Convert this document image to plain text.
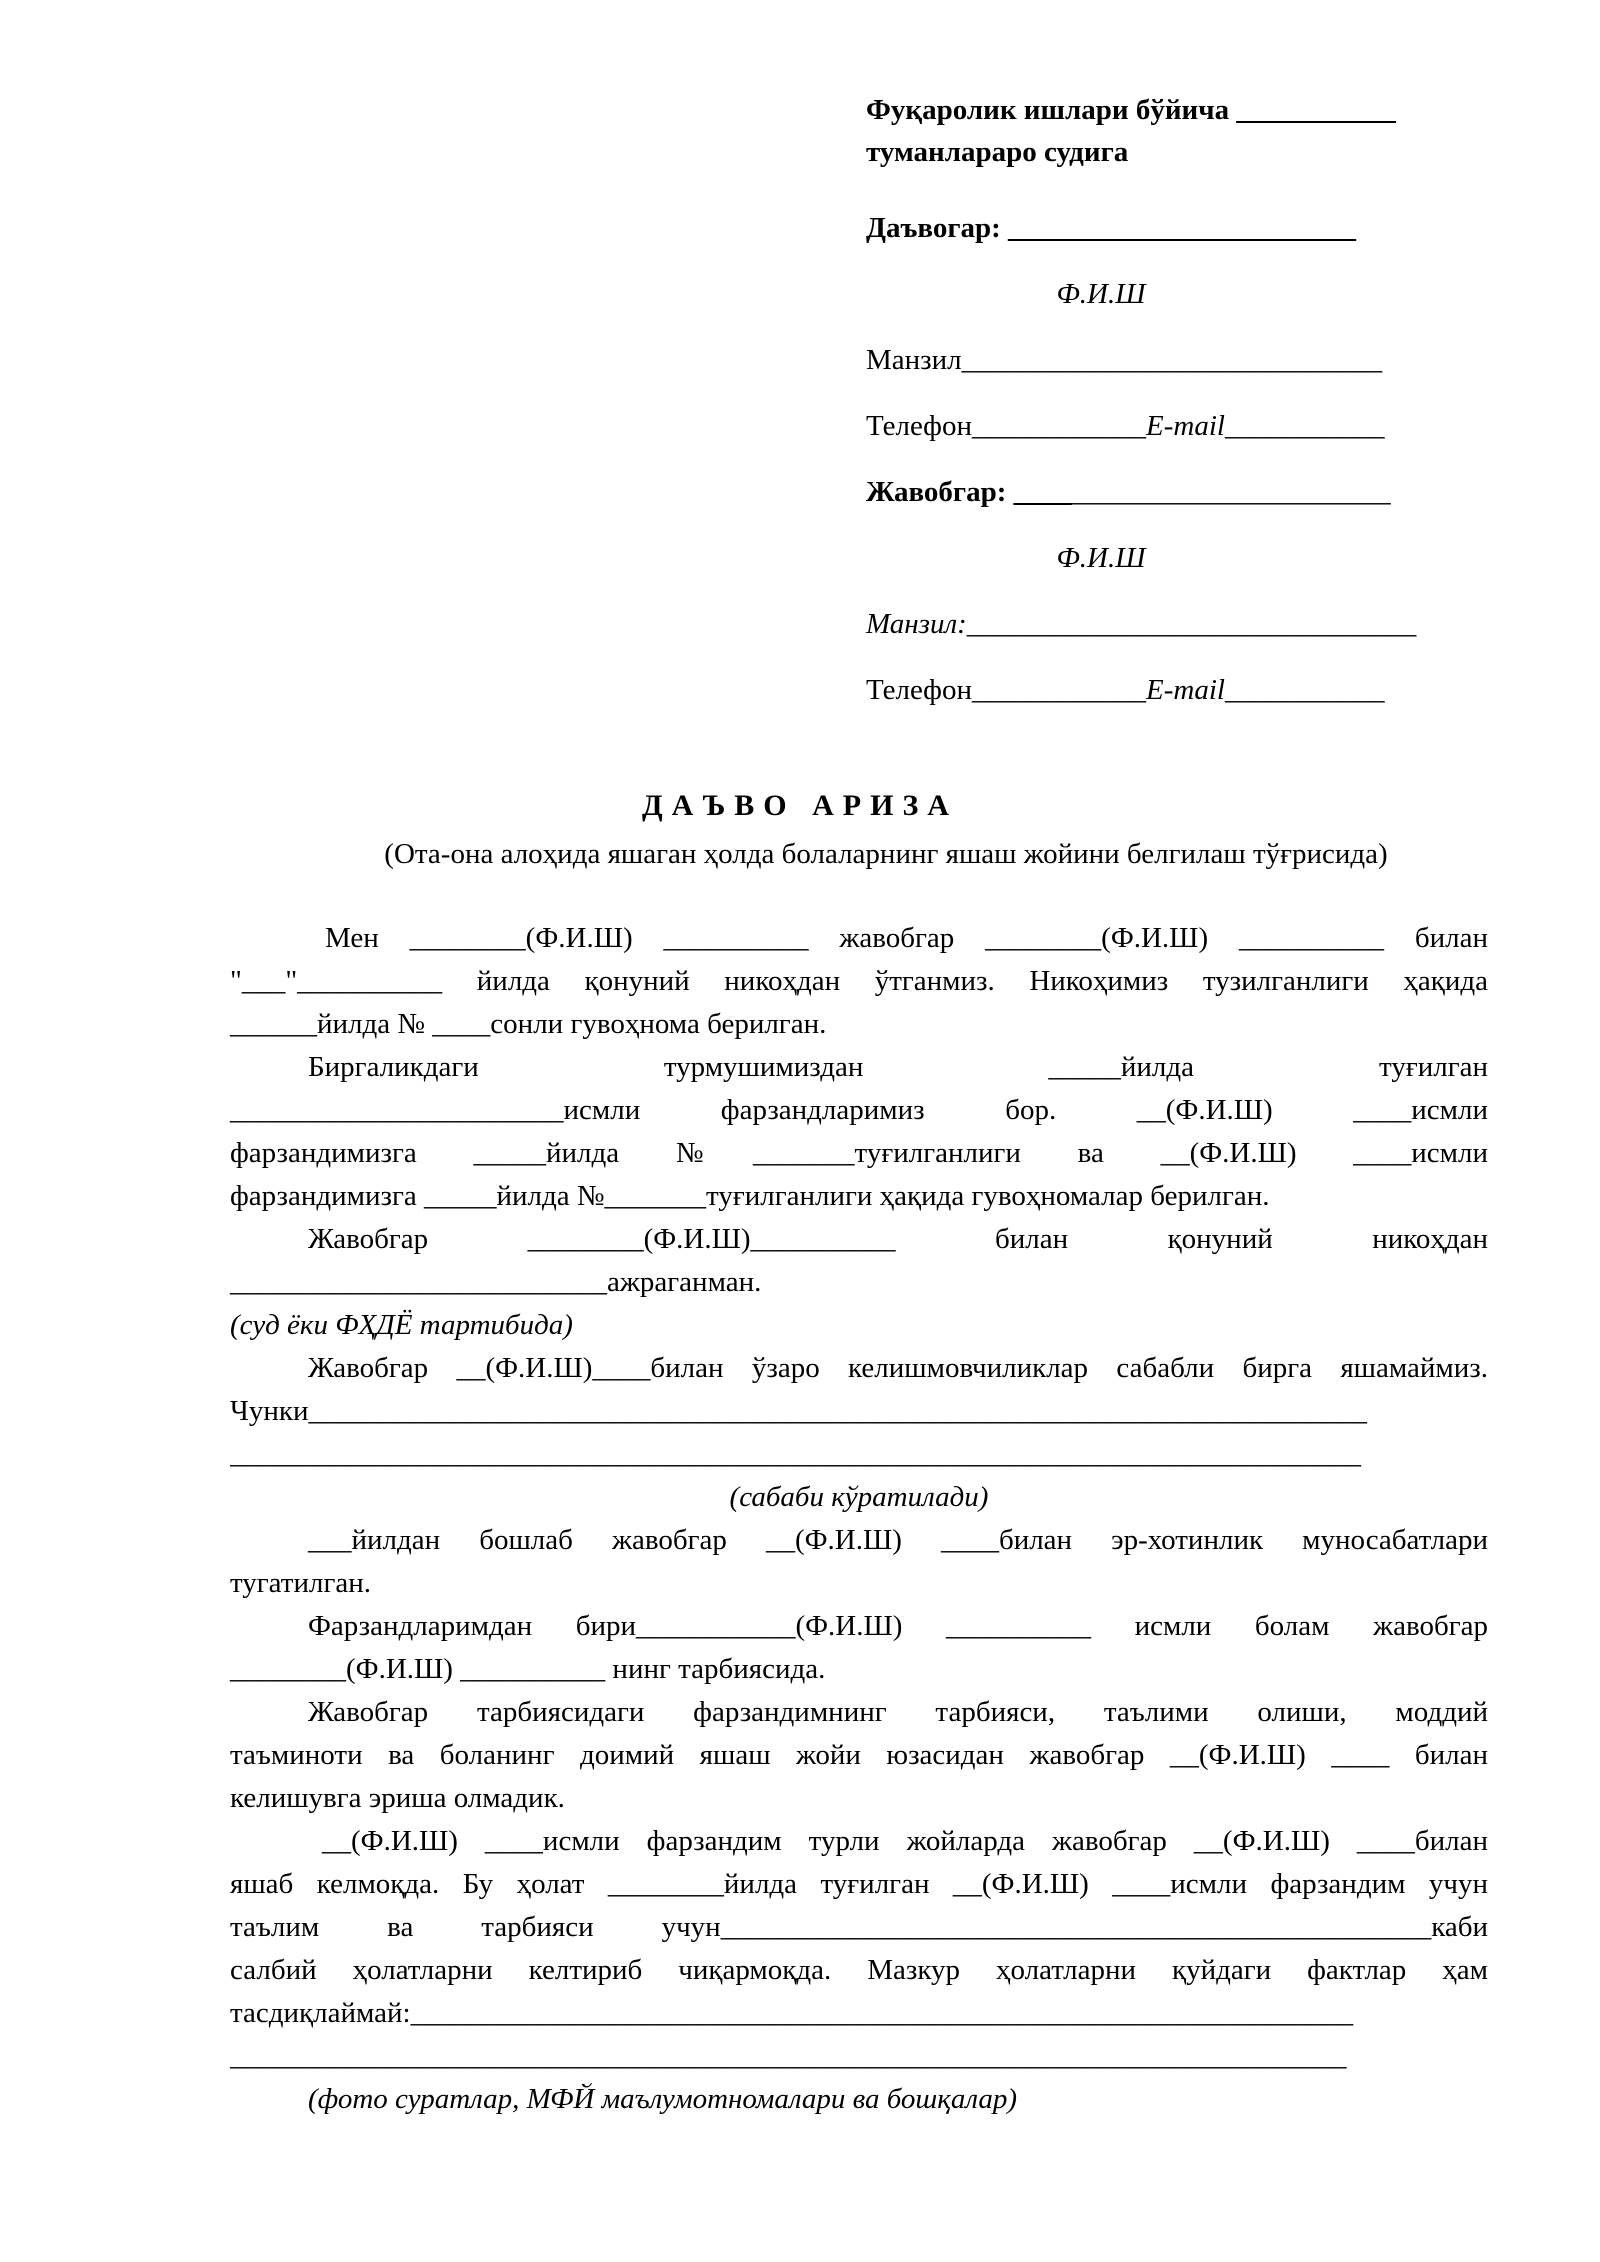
Фуқаролик ишлари бўйича ___________
туманлараро судига
Даъвогар: ________________________
Ф.И.Ш
Манзил_____________________________
Телефон____________E-mail___________
Жавобгар: __________________________
Ф.И.Ш
Манзил:_______________________________
Телефон____________E-mail___________
ДАЪВО АРИЗА
(Ота-она алоҳида яшаган ҳолда болаларнинг яшаш жойини белгилаш тўғрисида)
Мен ________(Ф.И.Ш) __________ жавобгар ________(Ф.И.Ш) __________ билан
"___"__________ йилда қонуний никоҳдан ўтганмиз. Никоҳимиз тузилганлиги ҳақида
______йилда № ____сонли гувоҳнома берилган.
Биргаликдаги турмушимиздан _____йилда туғилган
_______________________исмли фарзандларимиз бор. __(Ф.И.Ш) ____исмли
фарзандимизга _____йилда №_______туғилганлиги ва __(Ф.И.Ш) ____исмли
фарзандимизга _____йилда №_______туғилганлиги ҳақида гувоҳномалар берилган.
Жавобгар ________(Ф.И.Ш)__________ билан қонуний никоҳдан
__________________________ажраганман.
(суд ёки ФҲДЁ тартибида)
Жавобгар __(Ф.И.Ш)____билан ўзаро келишмовчиликлар сабабли бирга яшамаймиз.
Чунки_________________________________________________________________________
______________________________________________________________________________
(сабаби кўратилади)
___йилдан бошлаб жавобгар __(Ф.И.Ш) ____билан эр-хотинлик муносабатлари
тугатилган.
Фарзандларимдан бири___________(Ф.И.Ш) __________ исмли болам жавобгар
________(Ф.И.Ш) __________ нинг тарбиясида.
Жавобгар тарбиясидаги фарзандимнинг тарбияси, таълими олиши, моддий
таъминоти ва боланинг доимий яшаш жойи юзасидан жавобгар __(Ф.И.Ш) ____ билан
келишувга эриша олмадик.
__(Ф.И.Ш) ____исмли фарзандим турли жойларда жавобгар __(Ф.И.Ш) ____билан
яшаб келмоқда. Бу ҳолат ________йилда туғилган __(Ф.И.Ш) ____исмли фарзандим учун
таълим ва тарбияси учун_________________________________________________каби
салбий ҳолатларни келтириб чиқармоқда. Мазкур ҳолатларни қуйдаги фактлар ҳам
тасдиқлаймай:_________________________________________________________________
_____________________________________________________________________________
(фото суратлар, МФЙ маълумотномалари ва бошқалар)
